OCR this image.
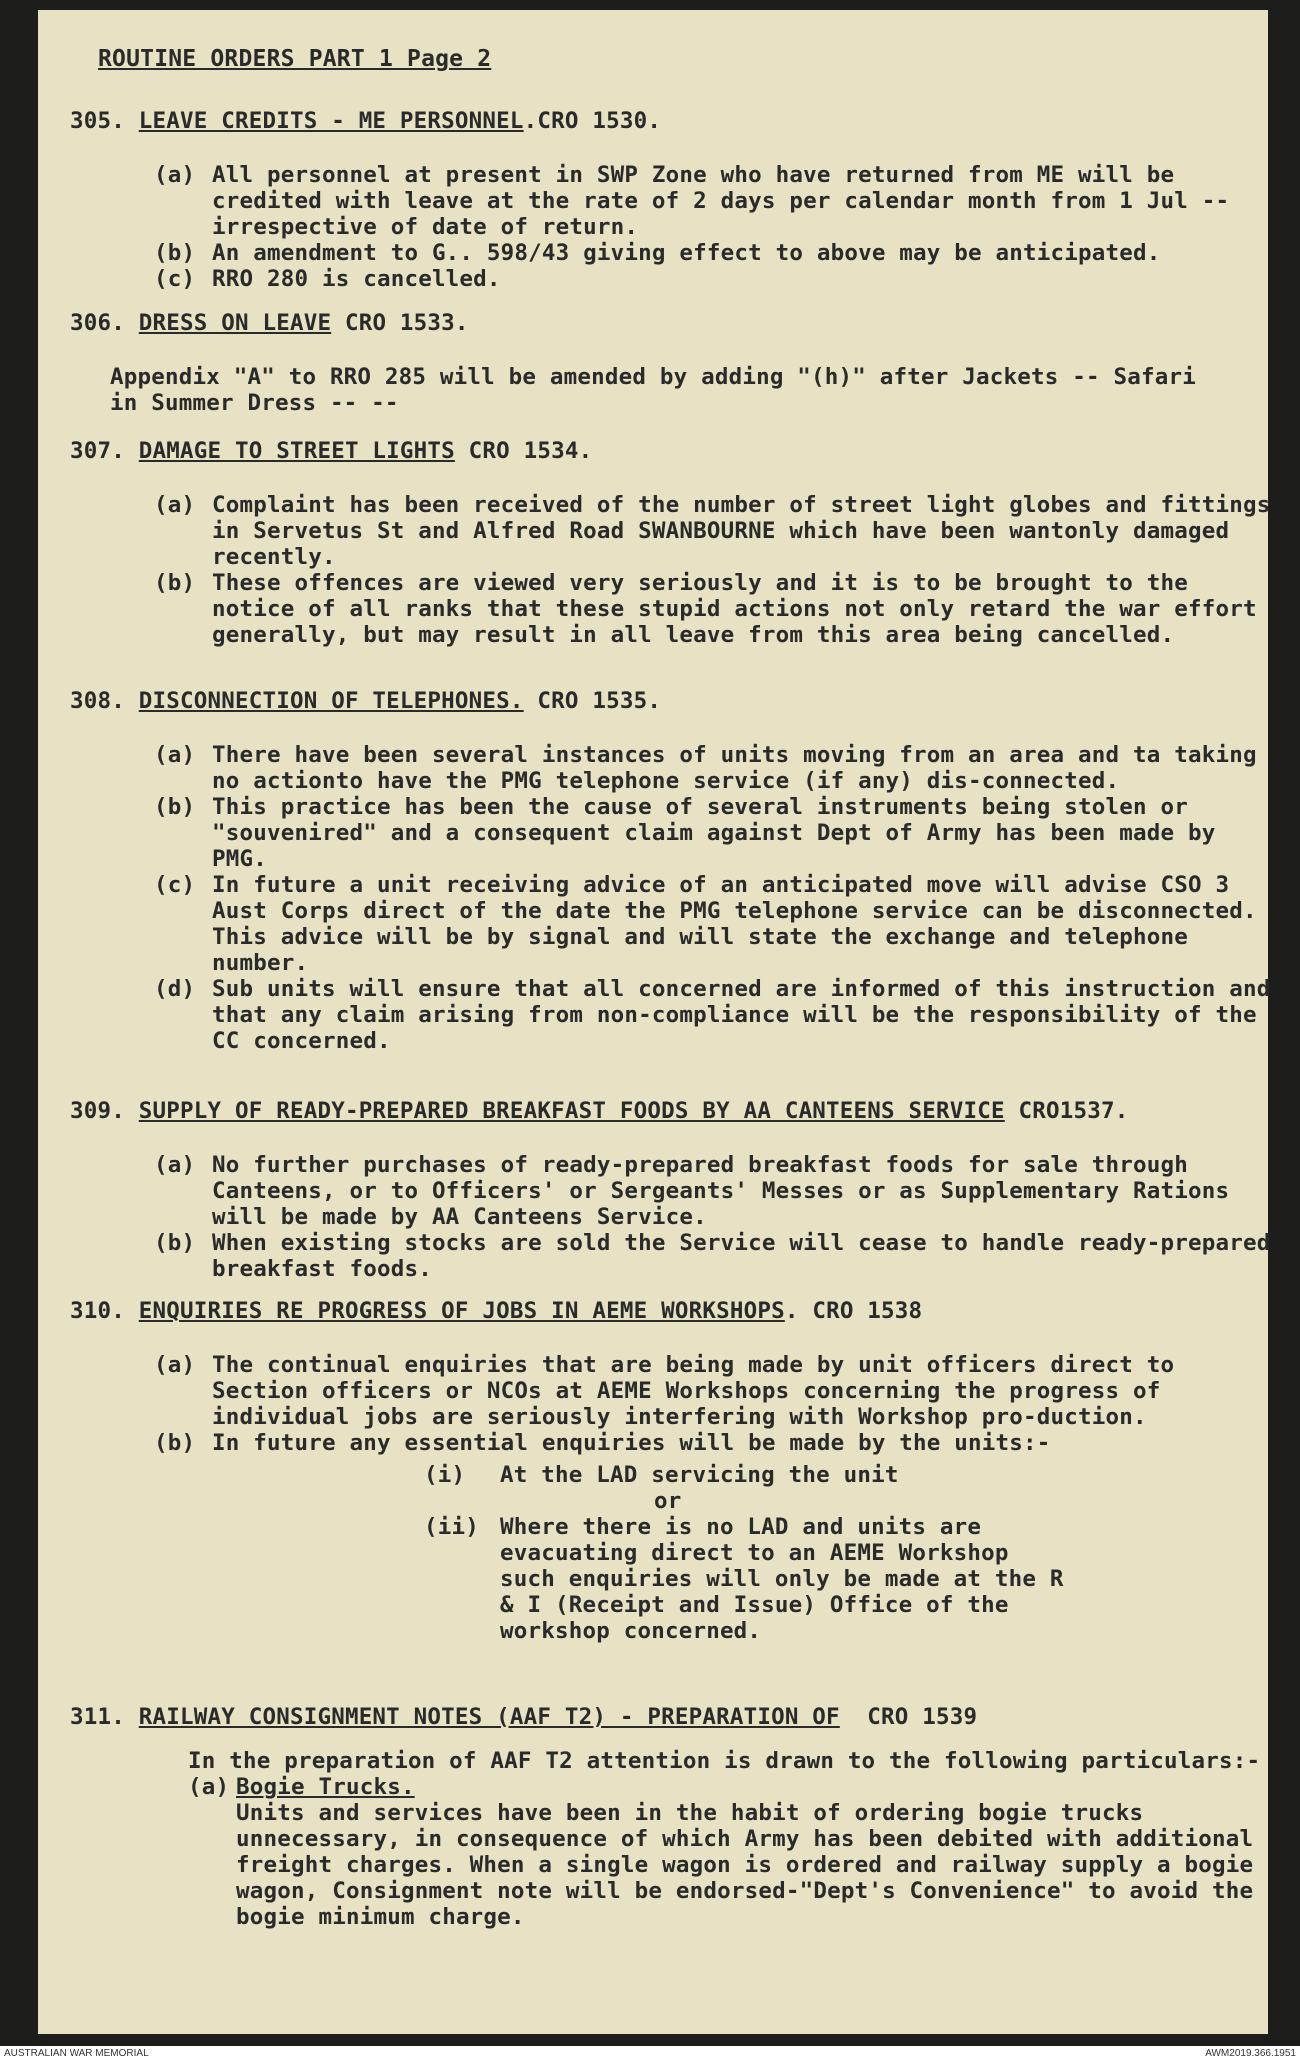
ROUTINE ORDERS PART 1 Page 2
305. LEAVE CREDITS - ME PERSONNEL.CRO 1530.

(a) All personnel at present in SWP Zone who have returned from ME will be credited with leave at the rate of 2 days per calendar month from 1 Jul -- irrespective of date of return.

(b) An amendment to G.. 598/43 giving effect to above may be anticipated.

(c) RRO 280 is cancelled.

306. DRESS ON LEAVE CRO 1533.

Appendix "A" to RRO 285 will be amended by adding "(h)" after Jackets -- Safari in Summer Dress -- --

307. DAMAGE TO STREET LIGHTS CRO 1534.

(a) Complaint has been received of the number of street light globes and fittings in Servetus St and Alfred Road SWANBOURNE which have been wantonly damaged recently.

(b) These offences are viewed very seriously and it is to be brought to the notice of all ranks that these stupid actions not only retard the war effort generally, but may result in all leave from this area being cancelled.

308. DISCONNECTION OF TELEPHONES. CRO 1535.

(a) There have been several instances of units moving from an area and ta taking no actionto have the PMG telephone service (if any) dis-connected.

(b) This practice has been the cause of several instruments being stolen or "souvenired" and a consequent claim against Dept of Army has been made by PMG.

(c) In future a unit receiving advice of an anticipated move will advise CSO 3 Aust Corps direct of the date the PMG telephone service can be disconnected. This advice will be by signal and will state the exchange and telephone number.

(d) Sub units will ensure that all concerned are informed of this instruction and that any claim arising from non-compliance will be the responsibility of the CC concerned.

309. SUPPLY OF READY-PREPARED BREAKFAST FOODS BY AA CANTEENS SERVICE CRO1537.

(a) No further purchases of ready-prepared breakfast foods for sale through Canteens, or to Officers' or Sergeants' Messes or as Supplementary Rations will be made by AA Canteens Service.

(b) When existing stocks are sold the Service will cease to handle ready-prepared breakfast foods.

310. ENQUIRIES RE PROGRESS OF JOBS IN AEME WORKSHOPS. CRO 1538

(a) The continual enquiries that are being made by unit officers direct to Section officers or NCOs at AEME Workshops concerning the progress of individual jobs are seriously interfering with Workshop pro-duction.

(b) In future any essential enquiries will be made by the units:-

(i) At the LAD servicing the unit
or
(ii) Where there is no LAD and units are evacuating direct to an AEME Workshop such enquiries will only be made at the R & I (Receipt and Issue) Office of the workshop concerned.
311. RAILWAY CONSIGNMENT NOTES (AAF T2) - PREPARATION OF  CRO 1539

In the preparation of AAF T2 attention is drawn to the following particulars:-

(a) Bogie Trucks.
Units and services have been in the habit of ordering bogie trucks unnecessary, in consequence of which Army has been debited with additional freight charges. When a single wagon is ordered and railway supply a bogie wagon, Consignment note will be endorsed-"Dept's Convenience" to avoid the bogie minimum charge.

AUSTRALIAN WAR MEMORIAL	AWM2019.366.1951
